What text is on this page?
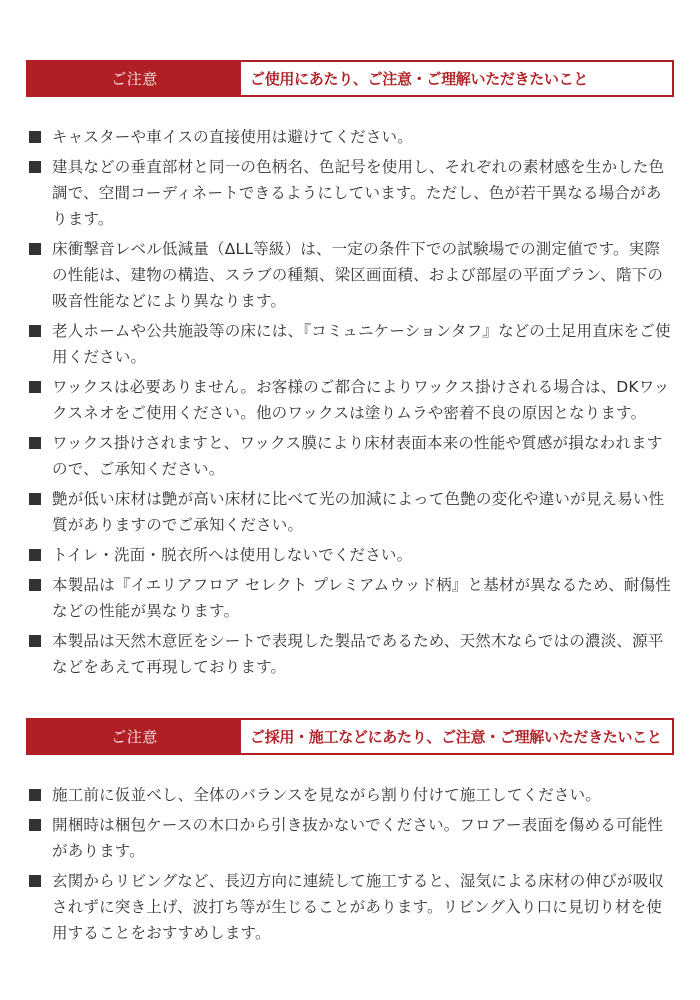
ご注意	ご使用にあたり、ご注意・ご理解いただきたいこと
キャスターや車イスの直接使用は避けてください。
建具などの垂直部材と同一の色柄名、色記号を使用し、それぞれの素材感を生かした色調で、空間コーディネートできるようにしています。ただし、色が若干異なる場合があります。
床衝撃音レベル低減量（ΔLL等級）は、一定の条件下での試験場での測定値です。実際の性能は、建物の構造、スラブの種類、梁区画面積、および部屋の平面プラン、階下の吸音性能などにより異なります。
老人ホームや公共施設等の床には、『コミュニケーションタフ』などの土足用直床をご使用ください。
ワックスは必要ありません。お客様のご都合によりワックス掛けされる場合は、DKワックスネオをご使用ください。他のワックスは塗りムラや密着不良の原因となります。
ワックス掛けされますと、ワックス膜により床材表面本来の性能や質感が損なわれますので、ご承知ください。
艶が低い床材は艶が高い床材に比べて光の加減によって色艶の変化や違いが見え易い性質がありますのでご承知ください。
トイレ・洗面・脱衣所へは使用しないでください。
本製品は『イエリアフロア セレクト プレミアムウッド柄』と基材が異なるため、耐傷性などの性能が異なります。
本製品は天然木意匠をシートで表現した製品であるため、天然木ならではの濃淡、源平などをあえて再現しております。
ご注意	ご採用・施工などにあたり、ご注意・ご理解いただきたいこと
施工前に仮並べし、全体のバランスを見ながら割り付けて施工してください。
開梱時は梱包ケースの木口から引き抜かないでください。フロアー表面を傷める可能性があります。
玄関からリビングなど、長辺方向に連続して施工すると、湿気による床材の伸びが吸収されずに突き上げ、波打ち等が生じることがあります。リビング入り口に見切り材を使用することをおすすめします。
